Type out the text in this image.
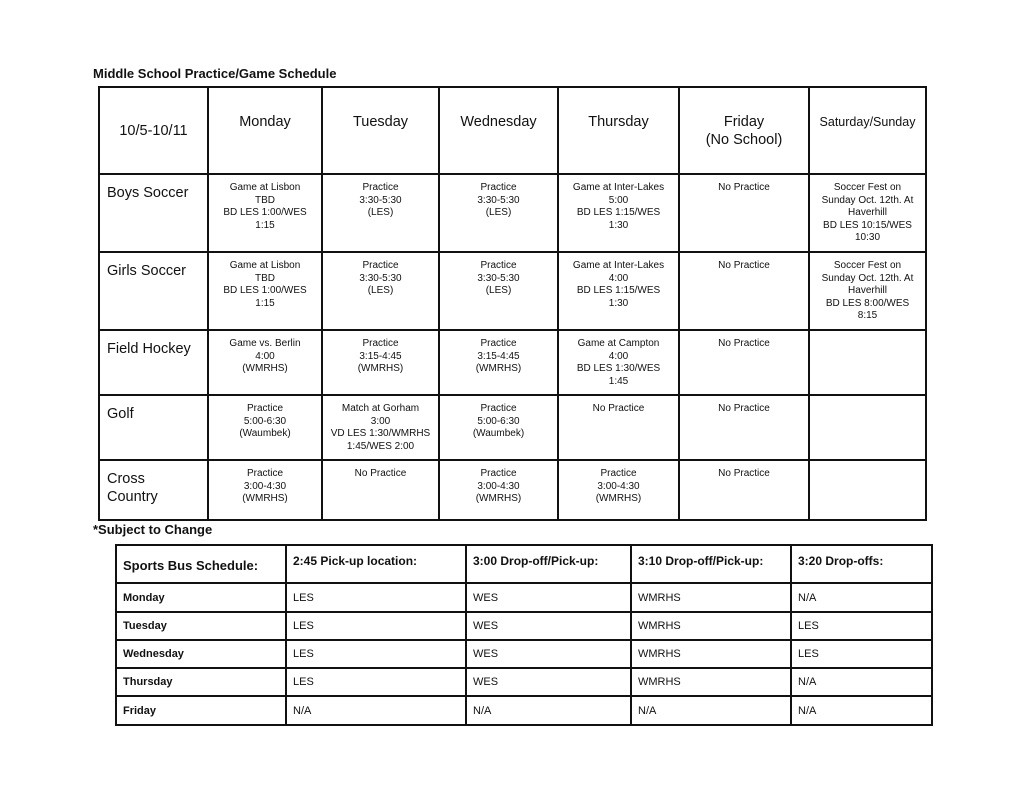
Middle School Practice/Game Schedule
10/5-10/11	Monday	Tuesday	Wednesday	Thursday	Friday
(No School)	Saturday/Sunday
Boys Soccer	Game at Lisbon
TBD
BD LES 1:00/WES
1:15	Practice
3:30-5:30
(LES)	Practice
3:30-5:30
(LES)	Game at Inter-Lakes
5:00
BD LES 1:15/WES
1:30	No Practice	Soccer Fest on
Sunday Oct. 12th. At
Haverhill
BD LES 10:15/WES
10:30
Girls Soccer	Game at Lisbon
TBD
BD LES 1:00/WES
1:15	Practice
3:30-5:30
(LES)	Practice
3:30-5:30
(LES)	Game at Inter-Lakes
4:00
BD LES 1:15/WES
1:30	No Practice	Soccer Fest on
Sunday Oct. 12th. At
Haverhill
BD LES 8:00/WES
8:15
Field Hockey	Game vs. Berlin
4:00
(WMRHS)	Practice
3:15-4:45
(WMRHS)	Practice
3:15-4:45
(WMRHS)	Game at Campton
4:00
BD LES 1:30/WES
1:45	No Practice	
Golf	Practice
5:00-6:30
(Waumbek)	Match at Gorham
3:00
VD LES 1:30/WMRHS
1:45/WES 2:00	Practice
5:00-6:30
(Waumbek)	No Practice	No Practice	
Cross
Country	Practice
3:00-4:30
(WMRHS)	No Practice	Practice
3:00-4:30
(WMRHS)	Practice
3:00-4:30
(WMRHS)	No Practice	
*Subject to Change
Sports Bus Schedule:	2:45 Pick-up location:	3:00 Drop-off/Pick-up:	3:10 Drop-off/Pick-up:	3:20 Drop-offs:
Monday	LES	WES	WMRHS	N/A
Tuesday	LES	WES	WMRHS	LES
Wednesday	LES	WES	WMRHS	LES
Thursday	LES	WES	WMRHS	N/A
Friday	N/A	N/A	N/A	N/A
